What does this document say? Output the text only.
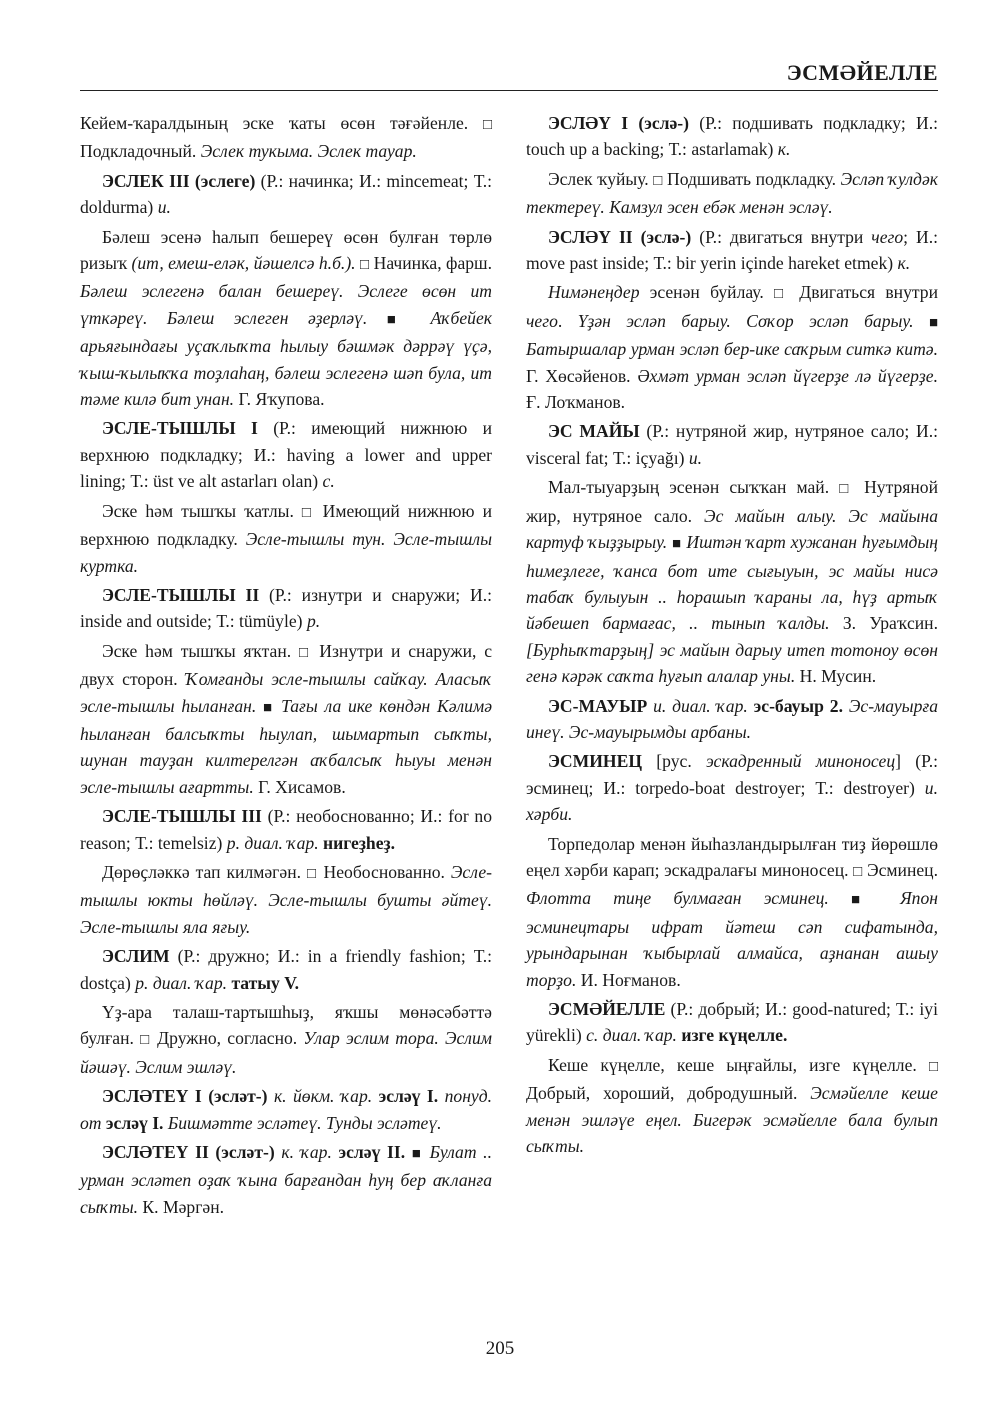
ЭСМӘЙЕЛЛЕ

Кейем-ҡаралдының эске ҡаты өсөн тәғәйенле. □ Подкладочный. Эслек тукыма. Эслек тауар.

ЭСЛЕК III (эслеге) (Р.: начинка; И.: mincemeat; Т.: doldurma) и.

Бәлеш эсенә һалып бешереү өсөн булған төрлө ризыҡ (ит, емеш-еләк, йәшелсә һ.б.). □ Начинка, фарш. Бәлеш эслегенә балан бешереү. Эслеге өсөн ит үткәреү. Бәлеш эслеген әҙерләү. ■ Аҡбейек арьяғындағы уҫаҡлыҡта һылыу бәшмәк дәррәү үҫә, ҡыш-ҡылыҡҡа тоҙлаһаң, бәлеш эслегенә шәп була, ит тәме килә бит унан. Г. Яҡупова.

ЭСЛЕ-ТЫШЛЫ I (Р.: имеющий нижнюю и верхнюю подкладку; И.: having a lower and upper lining; Т.: üst ve alt astarları olan) с.

Эске һәм тышҡы ҡатлы. □ Имеющий нижнюю и верхнюю подкладку. Эсле-тышлы тун. Эсле-тышлы куртка.

ЭСЛЕ-ТЫШЛЫ II (Р.: изнутри и снаружи; И.: inside and outside; Т.: tümüyle) р.

Эске һәм тышҡы яҡтан. □ Изнутри и снаружи, с двух сторон. Ҡомғанды эсле-тышлы сайҡау. Аласыҡ эсле-тышлы һыланған. ■ Тағы ла ике көндән Кәлимә һыланған балсыҡты һыулап, шымартып сыҡты, шунан тауҙан килтерелгән аҡбалсыҡ һыуы менән эсле-тышлы ағартты. Г. Хисамов.

ЭСЛЕ-ТЫШЛЫ III (Р.: необоснованно; И.: for no reason; Т.: temelsiz) р. диал. ҡар. нигеҙһеҙ.

Дөрөҫләккә тап килмәгән. □ Необоснованно. Эсле-тышлы юкты һөйләү. Эсле-тышлы бушты әйтеү. Эсле-тышлы яла яғыу.

ЭСЛИМ (Р.: дружно; И.: in a friendly fashion; Т.: dostça) р. диал. ҡар. татыу V.

Үҙ-ара талаш-тартышһыҙ, яҡшы мөнәсәбәттә булған. □ Дружно, согласно. Улар эслим тора. Эслим йәшәү. Эслим эшләү.

ЭСЛӘТЕҮ I (эсләт-) к. йөкм. ҡар. эсләү I. понуд. от эсләү I. Бишмәтте эсләтеү. Тунды эсләтеү.

ЭСЛӘТЕҮ II (эсләт-) к. ҡар. эсләү II. ■ Булат .. урман эсләтеп оҙаҡ ҡына барғандан һуң бер аҡланға сыҡты. К. Мәргән.

ЭСЛӘҮ I (эслә-) (Р.: подшивать подкладку; И.: touch up a backing; Т.: astarlamak) к.

Эслек ҡуйыу. □ Подшивать подкладку. Эсләп ҡулдәк тектереү. Камзул эсен ебәк менән эсләү.

ЭСЛӘҮ II (эслә-) (Р.: двигаться внутри чего; И.: move past inside; Т.: bir yerin içinde hareket etmek) к.

Нимәнеңдер эсенән буйлау. □ Двигаться внутри чего. Үҙән эсләп барыу. Соҡор эсләп барыу. ■ Батыршалар урман эсләп бер-ике саҡрым ситкә китә. Г. Хөсәйенов. Әхмәт урман эсләп йүгерҙе лә йүгерҙе. Ғ. Лоҡманов.

ЭС МАЙЫ (Р.: нутряной жир, нутряное сало; И.: visceral fat; Т.: içyağı) и.

Мал-тыуарҙың эсенән сыҡҡан май. □ Нутряной жир, нутряное сало. Эс майын алыу. Эс майына картуф ҡыҙҙырыу. ■ Иштән ҡарт хужанан һуғымдың һимеҙлеге, ҡанса бот ите сығыуын, эс майы нисә табаҡ булыуын .. һорашып ҡараны ла, һүҙ артыҡ йәбешеп бармағас, .. тынып ҡалды. З. Ураҡсин. [Бурһыҡтарҙың] эс майын дарыу итеп тотоноу өсөн генә кәрәк саҡта һуғып алалар уны. Н. Мусин.

ЭС-МАУЫР и. диал. ҡар. эс-бауыр 2. Эс-мауырға инеү. Эс-мауырымды арбаны.

ЭСМИНЕЦ [рус. эскадренный миноносец] (Р.: эсминец; И.: torpedo-boat destroyer; Т.: destroyer) и. хәрби.

Торпедолар менән йыһазландырылған тиҙ йөрөшлө еңел хәрби карап; эскадралағы миноносец. □ Эсминец. Флотта тиңе булмаған эсминец. ■ Япон эсминецтары ифрат йәтеш сәп сифатында, урындарынан ҡыбырлай алмайса, аҙнанан ашыу торҙо. И. Ноғманов.

ЭСМӘЙЕЛЛЕ (Р.: добрый; И.: good-natured; Т.: iyi yürekli) с. диал. ҡар. изге күңелле.

Кеше күңелле, кеше ыңғайлы, изге күңелле. □ Добрый, хороший, добродушный. Эсмәйелле кеше менән эшләүе еңел. Бигерәк эсмәйелле бала булып сыҡты.

205
